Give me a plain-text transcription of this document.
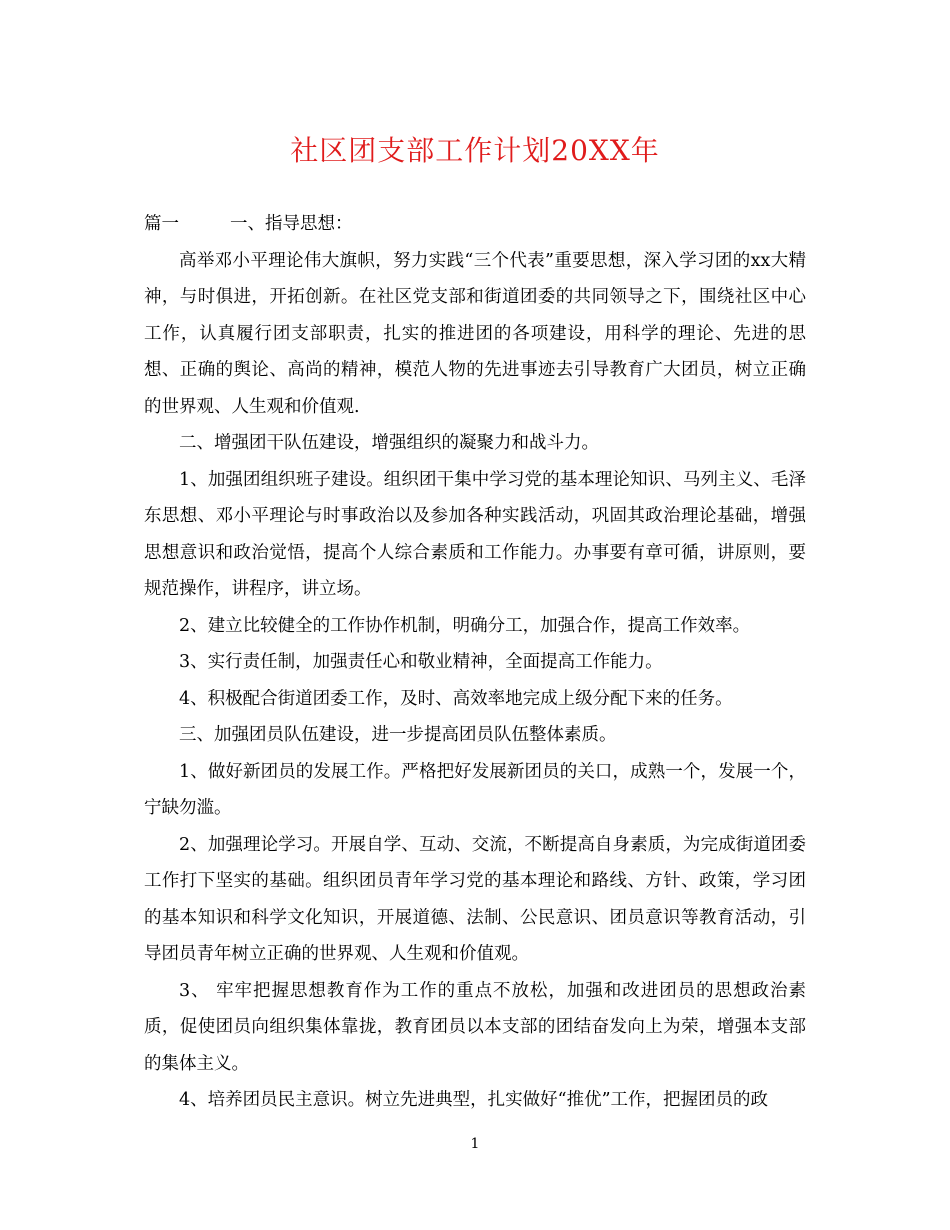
社区团支部工作计划20XX年

篇一	一、指导思想：

高举邓小平理论伟大旗帜，努力实践“三个代表”重要思想，深入学习团的xx大精神，与时俱进，开拓创新。在社区党支部和街道团委的共同领导之下，围绕社区中心工作，认真履行团支部职责，扎实的推进团的各项建设，用科学的理论、先进的思想、正确的舆论、高尚的精神，模范人物的先进事迹去引导教育广大团员，树立正确的世界观、人生观和价值观.

二、增强团干队伍建设，增强组织的凝聚力和战斗力。

1、加强团组织班子建设。组织团干集中学习党的基本理论知识、马列主义、毛泽东思想、邓小平理论与时事政治以及参加各种实践活动，巩固其政治理论基础，增强思想意识和政治觉悟，提高个人综合素质和工作能力。办事要有章可循，讲原则，要规范操作，讲程序，讲立场。

2、建立比较健全的工作协作机制，明确分工，加强合作，提高工作效率。

3、实行责任制，加强责任心和敬业精神，全面提高工作能力。

4、积极配合街道团委工作，及时、高效率地完成上级分配下来的任务。

三、加强团员队伍建设，进一步提高团员队伍整体素质。

1、做好新团员的发展工作。严格把好发展新团员的关口，成熟一个，发展一个，宁缺勿滥。

2、加强理论学习。开展自学、互动、交流，不断提高自身素质，为完成街道团委工作打下坚实的基础。组织团员青年学习党的基本理论和路线、方针、政策，学习团的基本知识和科学文化知识，开展道德、法制、公民意识、团员意识等教育活动，引导团员青年树立正确的世界观、人生观和价值观。

3、 牢牢把握思想教育作为工作的重点不放松，加强和改进团员的思想政治素质，促使团员向组织集体靠拢，教育团员以本支部的团结奋发向上为荣，增强本支部的集体主义。

4、培养团员民主意识。树立先进典型，扎实做好“推优”工作，把握团员的政

1
